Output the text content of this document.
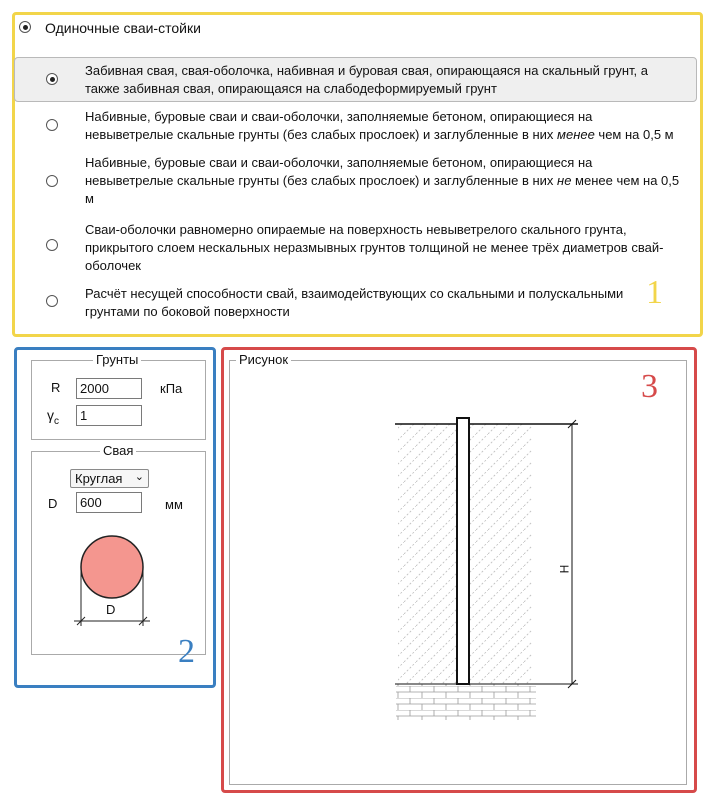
Одиночные сваи-стойки
Забивная свая, свая-оболочка, набивная и буровая свая, опирающаяся на скальный грунт, а
также забивная свая, опирающаяся на слабодеформируемый грунт
Набивные, буровые сваи и сваи-оболочки, заполняемые бетоном, опирающиеся на
невыветрелые скальные грунты (без слабых прослоек) и заглубленные в них менее чем на 0,5 м
Набивные, буровые сваи и сваи-оболочки, заполняемые бетоном, опирающиеся на
невыветрелые скальные грунты (без слабых прослоек) и заглубленные в них не менее чем на 0,5
м
Сваи-оболочки равномерно опираемые на поверхность невыветрелого скального грунта,
прикрытого слоем нескальных неразмывных грунтов толщиной не менее трёх диаметров свай-
оболочек
Расчёт несущей способности свай, взаимодействующих со скальными и полускальными
грунтами по боковой поверхности
1
Грунты
R	2000	кПа
$\gamma_c$	1
Свая
Круглая ⌄
D	600	мм
D
2
Рисунок
H
3
